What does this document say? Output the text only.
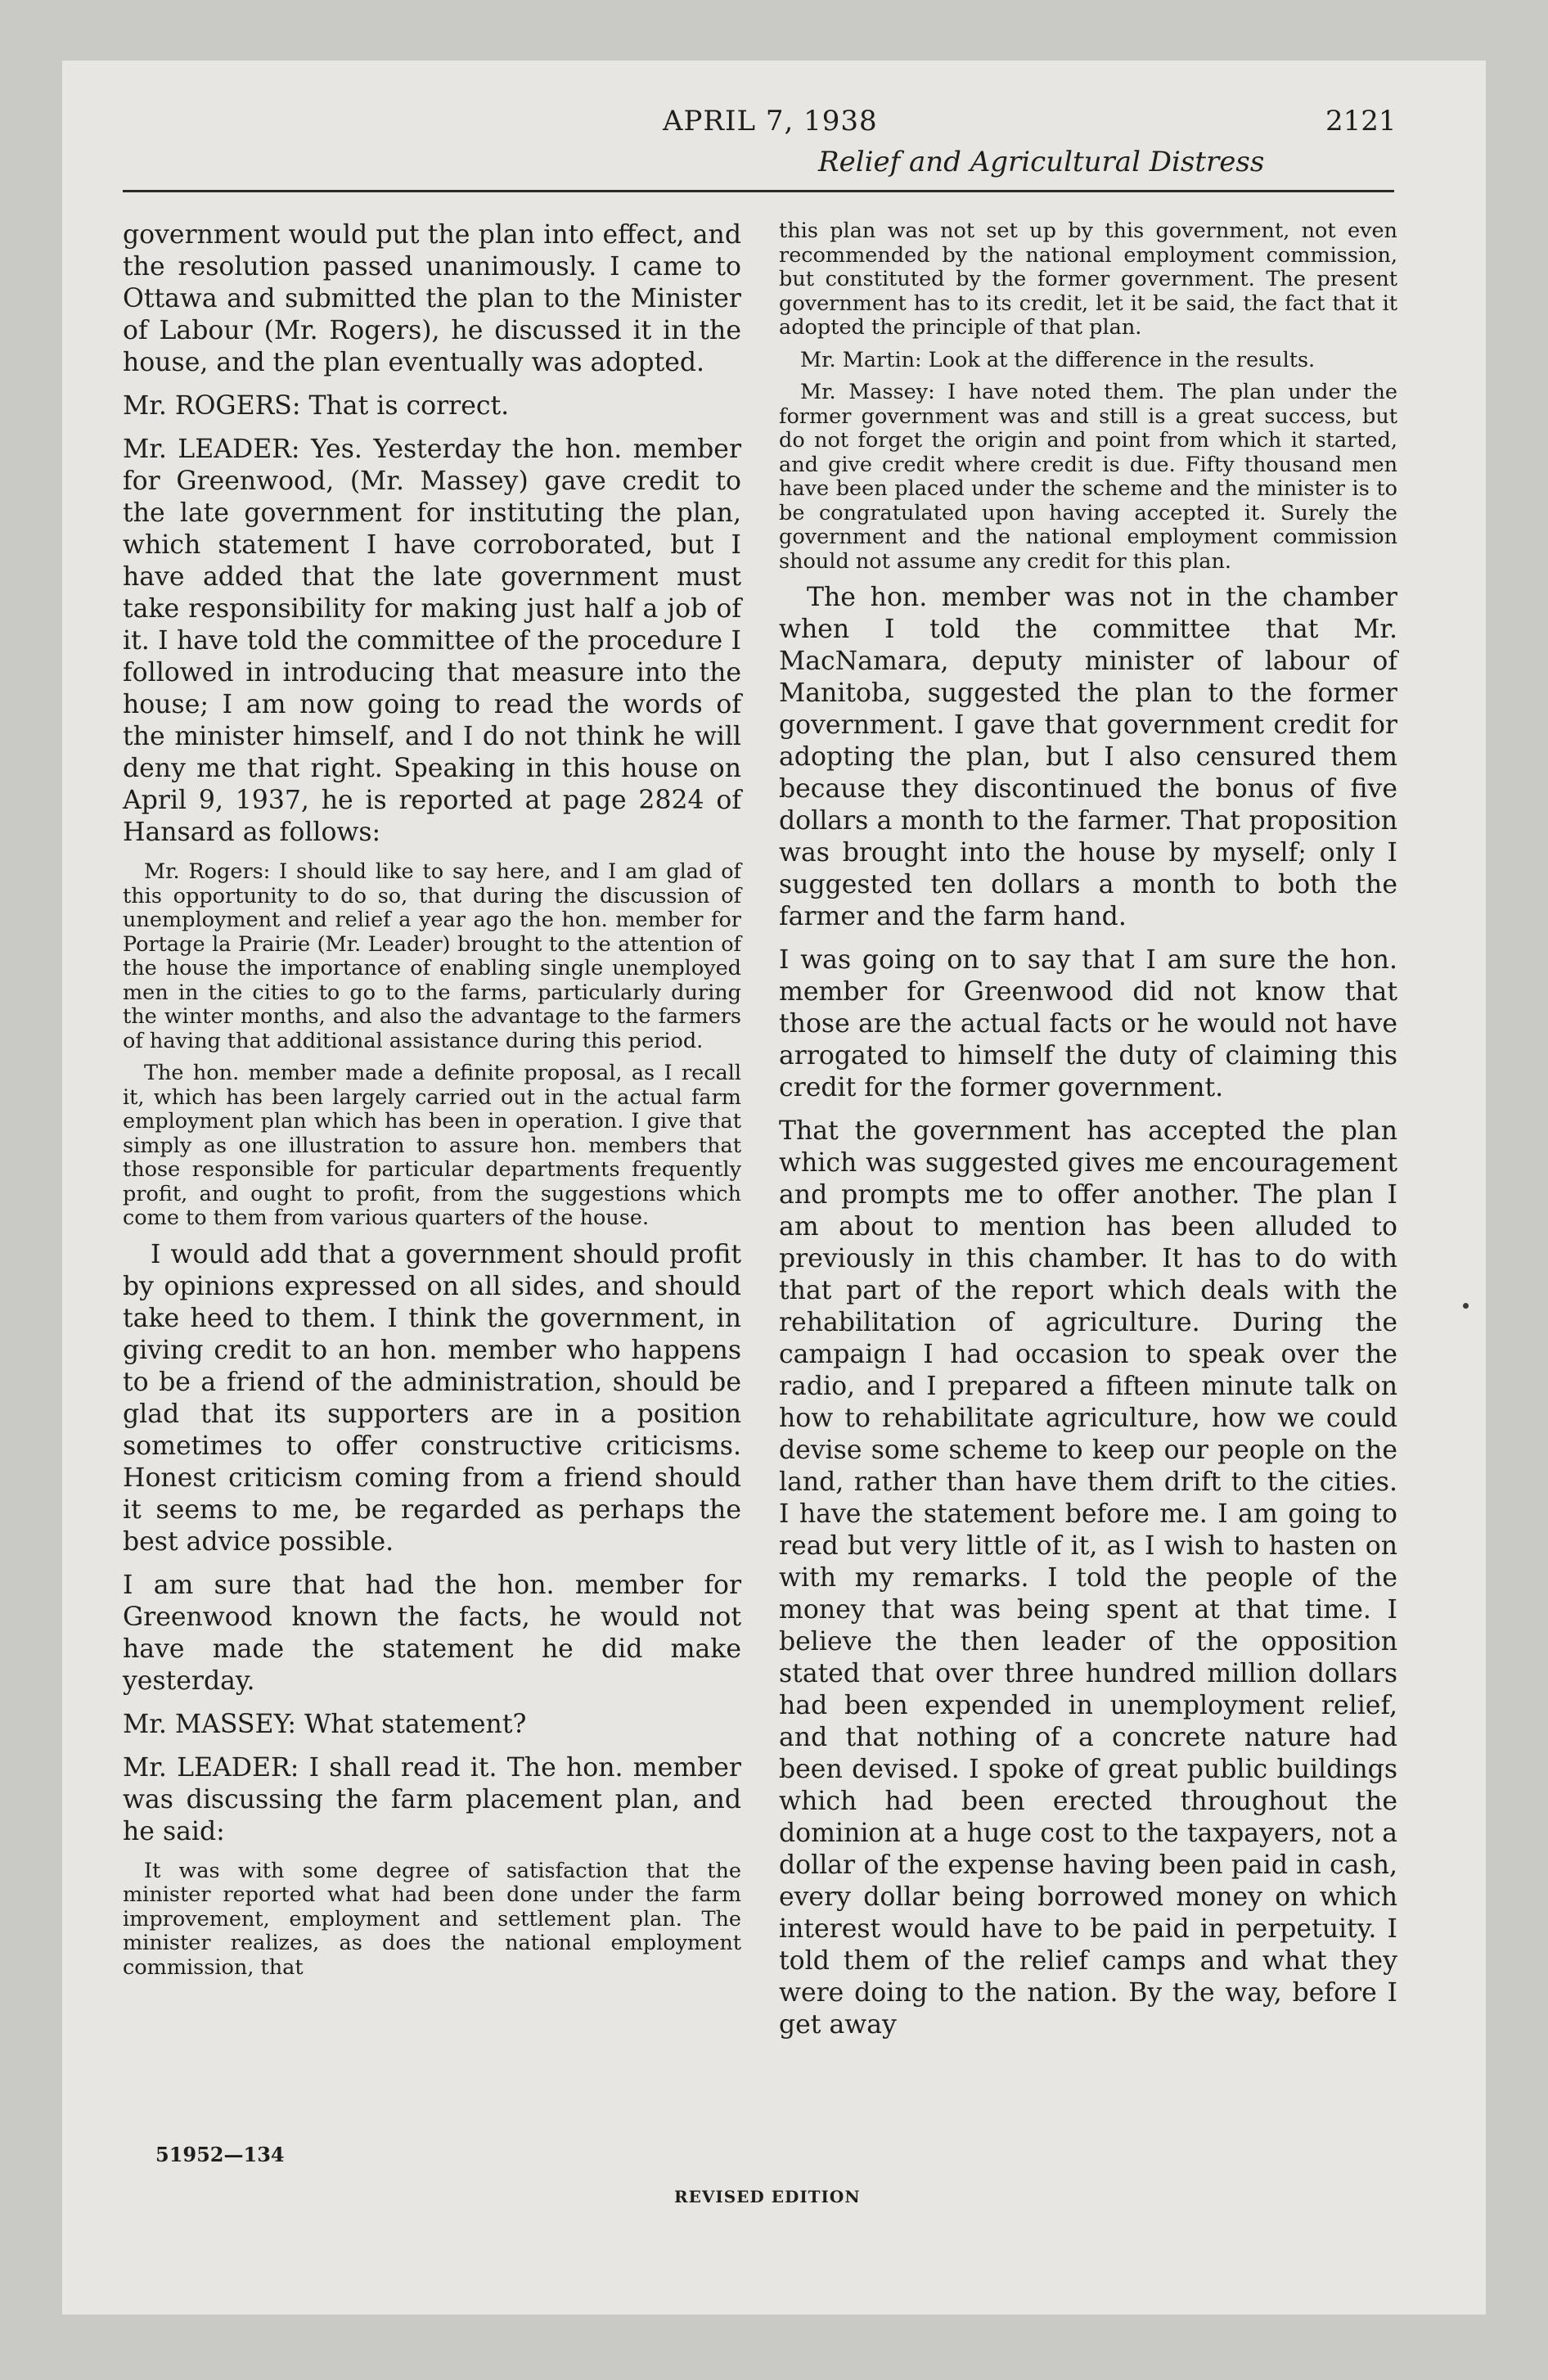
APRIL 7, 1938	2121
Relief and Agricultural Distress

government would put the plan into effect, and the resolution passed unanimously. I came to Ottawa and submitted the plan to the Minister of Labour (Mr. Rogers), he discussed it in the house, and the plan eventually was adopted.

Mr. ROGERS: That is correct.

Mr. LEADER: Yes. Yesterday the hon. member for Greenwood, (Mr. Massey) gave credit to the late government for instituting the plan, which statement I have corroborated, but I have added that the late government must take responsibility for making just half a job of it. I have told the committee of the procedure I followed in introducing that measure into the house; I am now going to read the words of the minister himself, and I do not think he will deny me that right. Speaking in this house on April 9, 1937, he is reported at page 2824 of Hansard as follows:

Mr. Rogers: I should like to say here, and I am glad of this opportunity to do so, that during the discussion of unemployment and relief a year ago the hon. member for Portage la Prairie (Mr. Leader) brought to the attention of the house the importance of enabling single unemployed men in the cities to go to the farms, particularly during the winter months, and also the advantage to the farmers of having that additional assistance during this period.

The hon. member made a definite proposal, as I recall it, which has been largely carried out in the actual farm employment plan which has been in operation. I give that simply as one illustration to assure hon. members that those responsible for particular departments frequently profit, and ought to profit, from the suggestions which come to them from various quarters of the house.

I would add that a government should profit by opinions expressed on all sides, and should take heed to them. I think the government, in giving credit to an hon. member who happens to be a friend of the administration, should be glad that its supporters are in a position sometimes to offer constructive criticisms. Honest criticism coming from a friend should it seems to me, be regarded as perhaps the best advice possible.

I am sure that had the hon. member for Greenwood known the facts, he would not have made the statement he did make yesterday.

Mr. MASSEY: What statement?

Mr. LEADER: I shall read it. The hon. member was discussing the farm placement plan, and he said:

It was with some degree of satisfaction that the minister reported what had been done under the farm improvement, employment and settlement plan. The minister realizes, as does the national employment commission, that

this plan was not set up by this government, not even recommended by the national employment commission, but constituted by the former government. The present government has to its credit, let it be said, the fact that it adopted the principle of that plan.

Mr. Martin: Look at the difference in the results.

Mr. Massey: I have noted them. The plan under the former government was and still is a great success, but do not forget the origin and point from which it started, and give credit where credit is due. Fifty thousand men have been placed under the scheme and the minister is to be congratulated upon having accepted it. Surely the government and the national employment commission should not assume any credit for this plan.

The hon. member was not in the chamber when I told the committee that Mr. MacNamara, deputy minister of labour of Manitoba, suggested the plan to the former government. I gave that government credit for adopting the plan, but I also censured them because they discontinued the bonus of five dollars a month to the farmer. That proposition was brought into the house by myself; only I suggested ten dollars a month to both the farmer and the farm hand.

I was going on to say that I am sure the hon. member for Greenwood did not know that those are the actual facts or he would not have arrogated to himself the duty of claiming this credit for the former government.

That the government has accepted the plan which was suggested gives me encouragement and prompts me to offer another. The plan I am about to mention has been alluded to previously in this chamber. It has to do with that part of the report which deals with the rehabilitation of agriculture. During the campaign I had occasion to speak over the radio, and I prepared a fifteen minute talk on how to rehabilitate agriculture, how we could devise some scheme to keep our people on the land, rather than have them drift to the cities. I have the statement before me. I am going to read but very little of it, as I wish to hasten on with my remarks. I told the people of the money that was being spent at that time. I believe the then leader of the opposition stated that over three hundred million dollars had been expended in unemployment relief, and that nothing of a concrete nature had been devised. I spoke of great public buildings which had been erected throughout the dominion at a huge cost to the taxpayers, not a dollar of the expense having been paid in cash, every dollar being borrowed money on which interest would have to be paid in perpetuity. I told them of the relief camps and what they were doing to the nation. By the way, before I get away

51952—134
REVISED EDITION
